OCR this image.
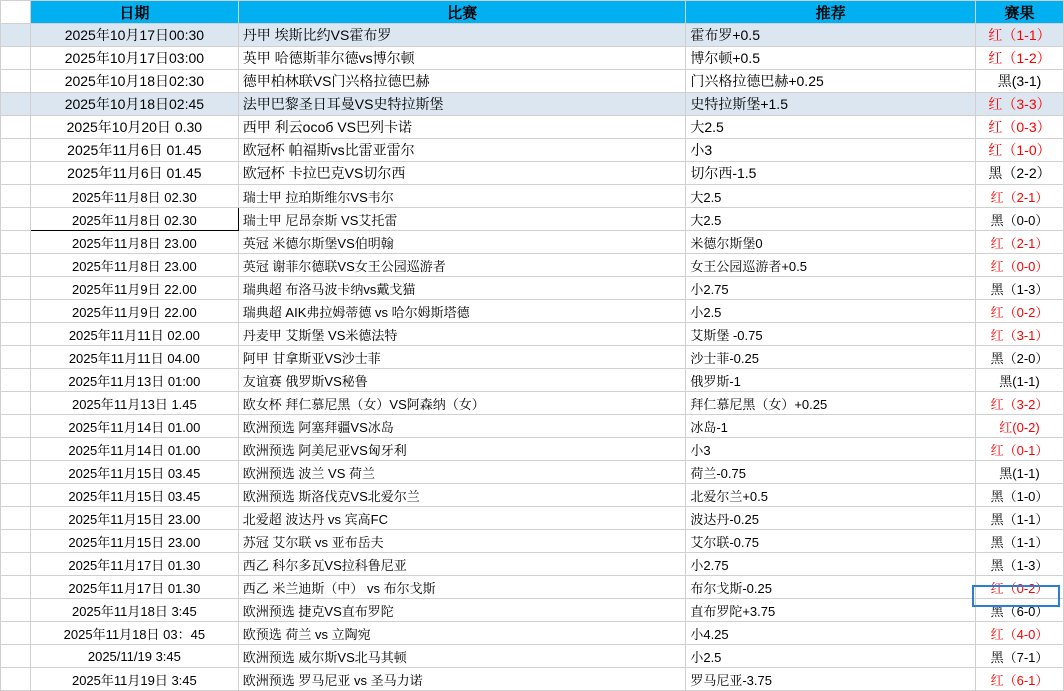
	日期	比赛	推荐	赛果
	2025年10月17日00:30	丹甲 埃斯比约VS霍布罗	霍布罗+0.5	红（1-1）
	2025年10月17日03:00	英甲 哈德斯菲尔德vs博尔顿	博尔顿+0.5	红（1-2）
	2025年10月18日02:30	德甲柏林联VS门兴格拉德巴赫	门兴格拉德巴赫+0.25	黑(3-1)
	2025年10月18日02:45	法甲巴黎圣日耳曼VS史特拉斯堡	史特拉斯堡+1.5	红（3-3）
	2025年10月20日 0.30	西甲 利云особ VS巴列卡诺	大2.5	红（0-3）
	2025年11月6日 01.45	欧冠杯 帕福斯vs比雷亚雷尔	小3	红（1-0）
	2025年11月6日 01.45	欧冠杯 卡拉巴克VS切尔西	切尔西-1.5	黑（2-2）
	2025年11月8日 02.30	瑞士甲 拉珀斯维尔VS韦尔	大2.5	红（2-1）
	2025年11月8日 02.30	瑞士甲 尼昂奈斯 VS艾托雷	大2.5	黑（0-0）
	2025年11月8日 23.00	英冠 米德尔斯堡VS伯明翰	米德尔斯堡0	红（2-1）
	2025年11月8日 23.00	英冠 谢菲尔德联VS女王公园巡游者	女王公园巡游者+0.5	红（0-0）
	2025年11月9日 22.00	瑞典超 布洛马波卡纳vs戴戈猫	小2.75	黑（1-3）
	2025年11月9日 22.00	瑞典超 AIK弗拉姆蒂德 vs 哈尔姆斯塔德	小2.5	红（0-2）
	2025年11月11日 02.00	丹麦甲 艾斯堡 VS米德法特	艾斯堡 -0.75	红（3-1）
	2025年11月11日 04.00	阿甲 甘拿斯亚VS沙士菲	沙士菲-0.25	黑（2-0）
	2025年11月13日 01:00	友谊赛 俄罗斯VS秘鲁	俄罗斯-1	黑(1-1)
	2025年11月13日 1.45	欧女杯 拜仁慕尼黑（女）VS阿森纳（女）	拜仁慕尼黑（女）+0.25	红（3-2）
	2025年11月14日 01.00	欧洲预选 阿塞拜疆VS冰岛	冰岛-1	红(0-2)
	2025年11月14日 01.00	欧洲预选 阿美尼亚VS匈牙利	小3	红（0-1）
	2025年11月15日 03.45	欧洲预选 波兰 VS 荷兰	荷兰-0.75	黑(1-1)
	2025年11月15日 03.45	欧洲预选 斯洛伐克VS北爱尔兰	北爱尔兰+0.5	黑（1-0）
	2025年11月15日 23.00	北爱超 波达丹 vs 宾高FC	波达丹-0.25	黑（1-1）
	2025年11月15日 23.00	苏冠 艾尔联 vs 亚布岳夫	艾尔联-0.75	黑（1-1）
	2025年11月17日 01.30	西乙 科尔多瓦VS拉科鲁尼亚	小2.75	黑（1-3）
	2025年11月17日 01.30	西乙 米兰迪斯（中） vs 布尔戈斯	布尔戈斯-0.25	红（0-2）
	2025年11月18日 3:45	欧洲预选 捷克VS直布罗陀	直布罗陀+3.75	黑（6-0）
	2025年11月18日 03：45	欧预选 荷兰 vs 立陶宛	小4.25	红（4-0）
	2025/11/19 3:45	欧洲预选 威尔斯VS北马其顿	小2.5	黑（7-1）
	2025年11月19日 3:45	欧洲预选 罗马尼亚 vs 圣马力诺	罗马尼亚-3.75	红（6-1）
